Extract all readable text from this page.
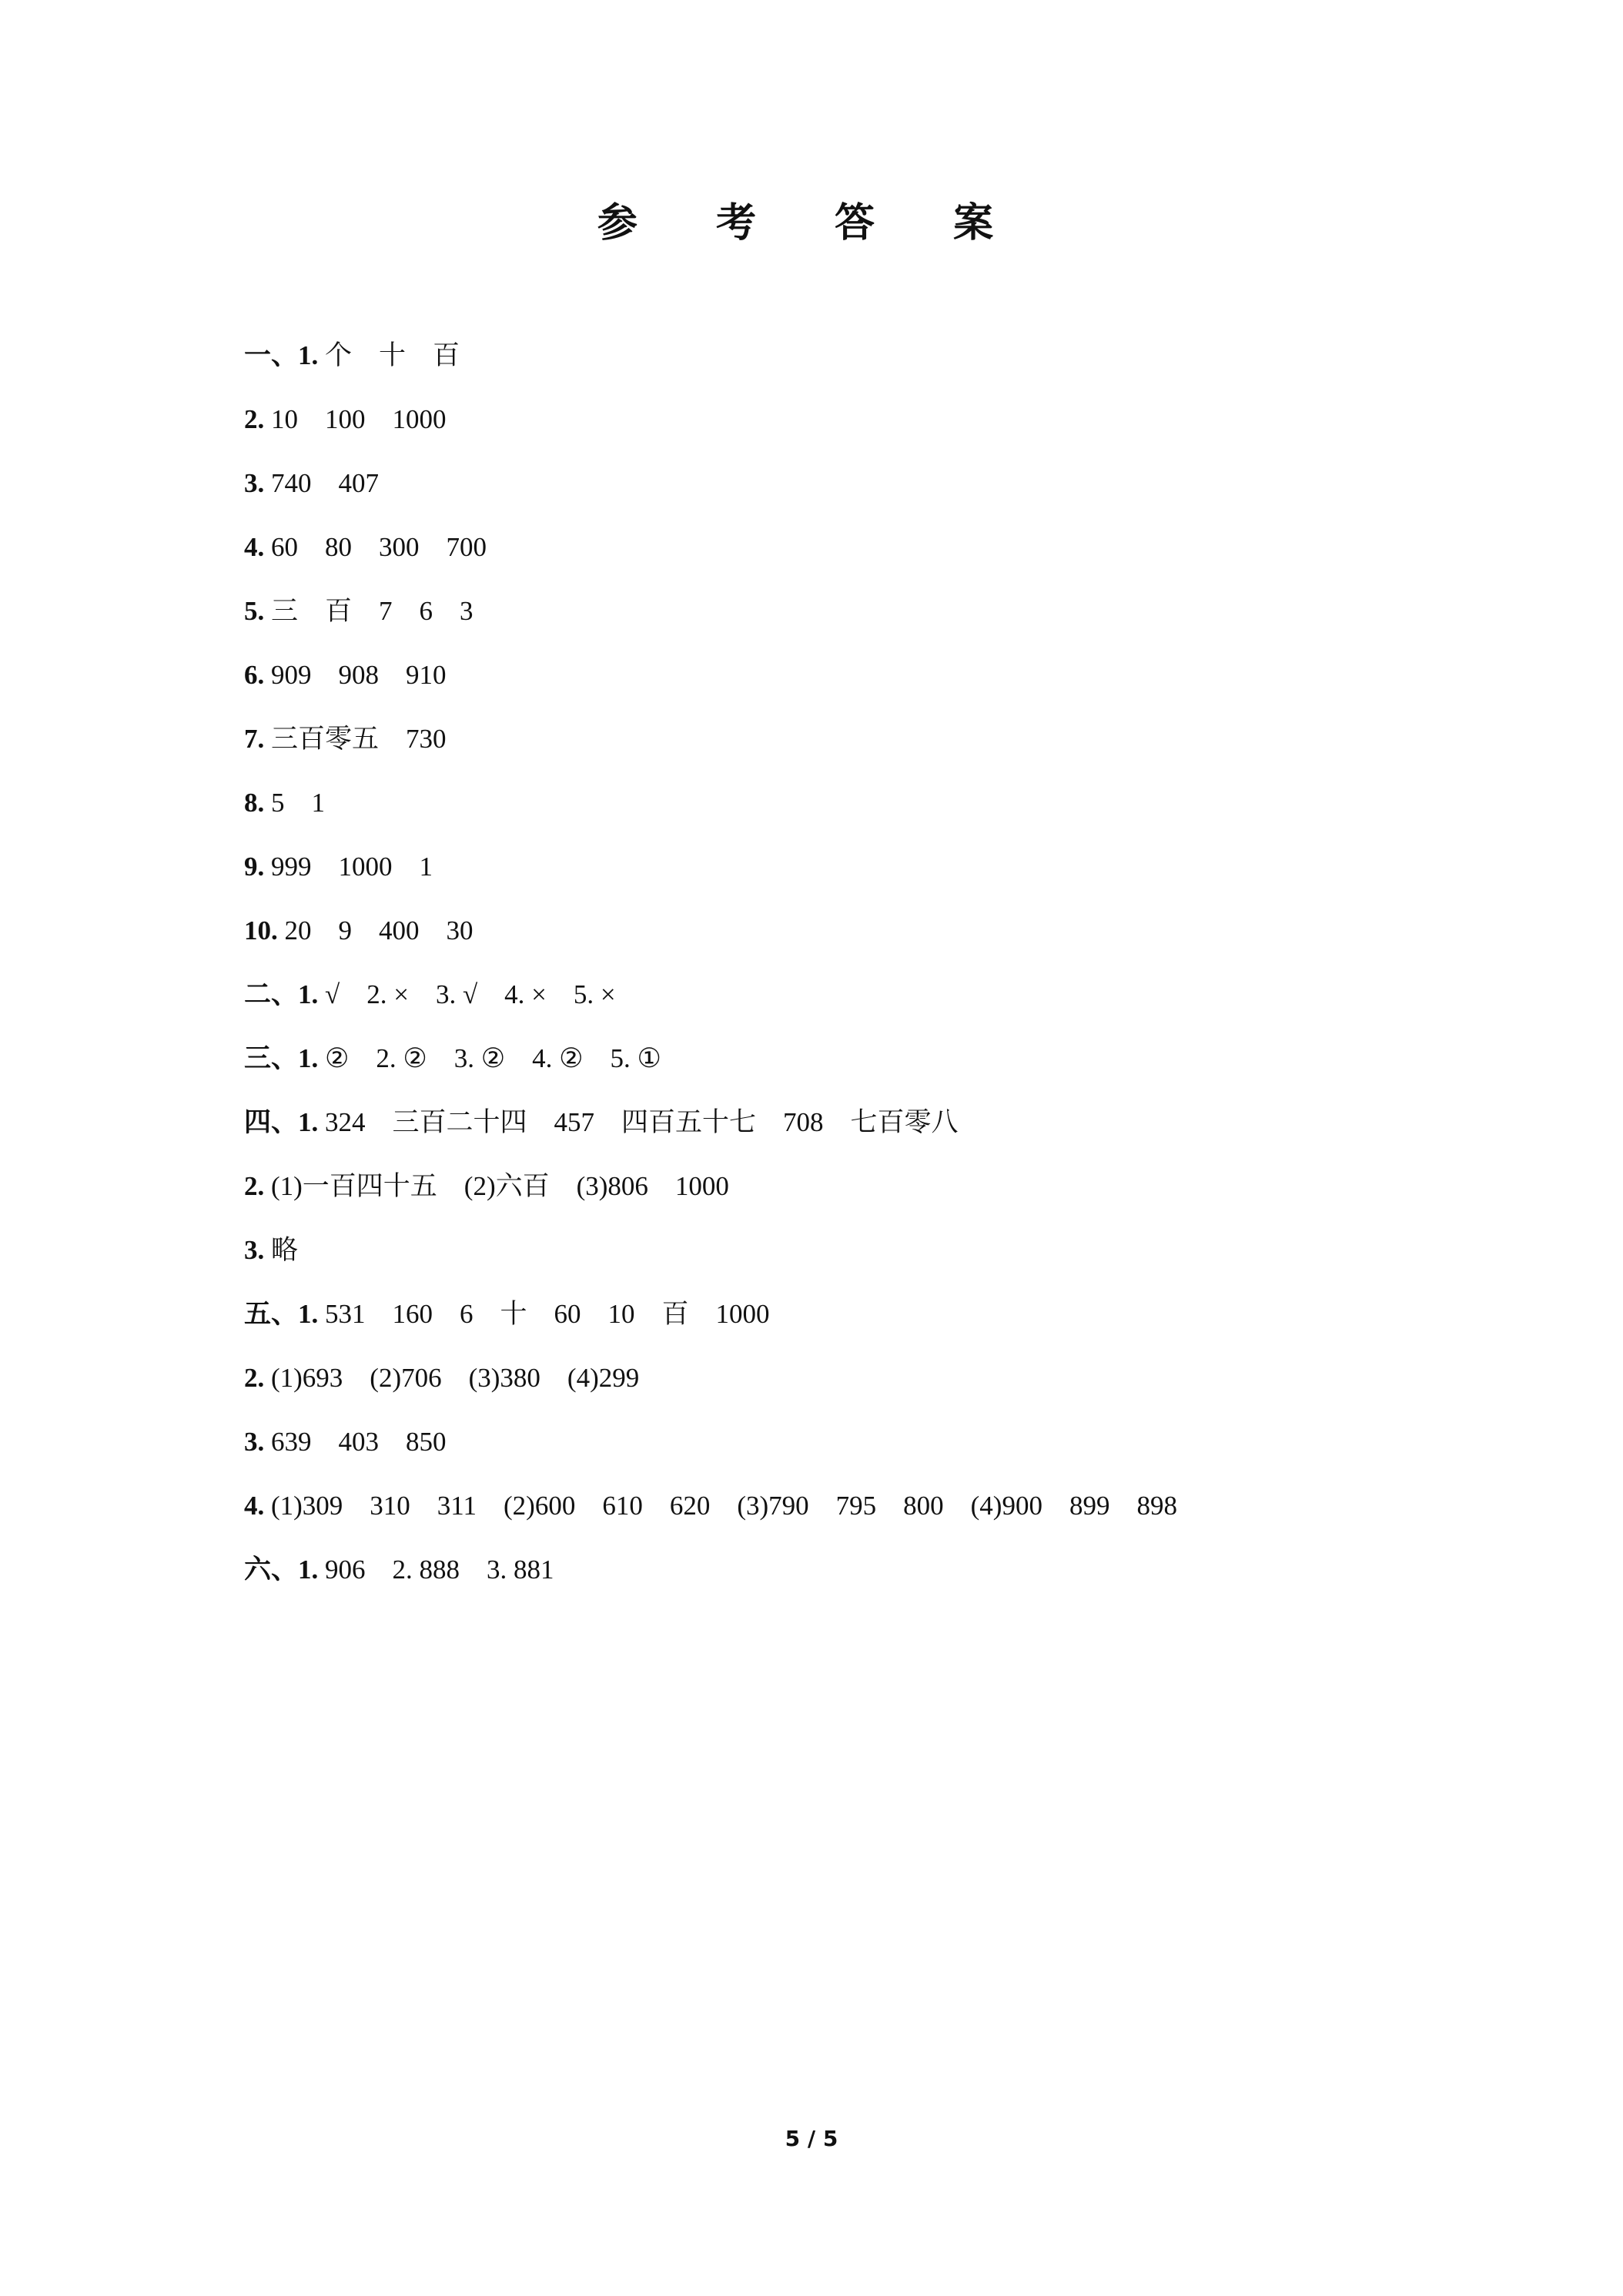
参 考 答 案
一、1. 个　十　百
2. 10　100　1000
3. 740　407
4. 60　80　300　700
5. 三　百　7　6　3
6. 909　908　910
7. 三百零五　730
8. 5　1
9. 999　1000　1
10. 20　9　400　30
二、1. √　2. ×　3. √　4. ×　5. ×
三、1. ②　2. ②　3. ②　4. ②　5. ①
四、1. 324　三百二十四　457　四百五十七　708　七百零八
2. (1)一百四十五　(2)六百　(3)806　1000
3. 略
五、1. 531　160　6　十　60　10　百　1000
2. (1)693　(2)706　(3)380　(4)299
3. 639　403　850
4. (1)309　310　311　(2)600　610　620　(3)790　795　800　(4)900　899　898
六、1. 906　2. 888　3. 881
5 / 5
